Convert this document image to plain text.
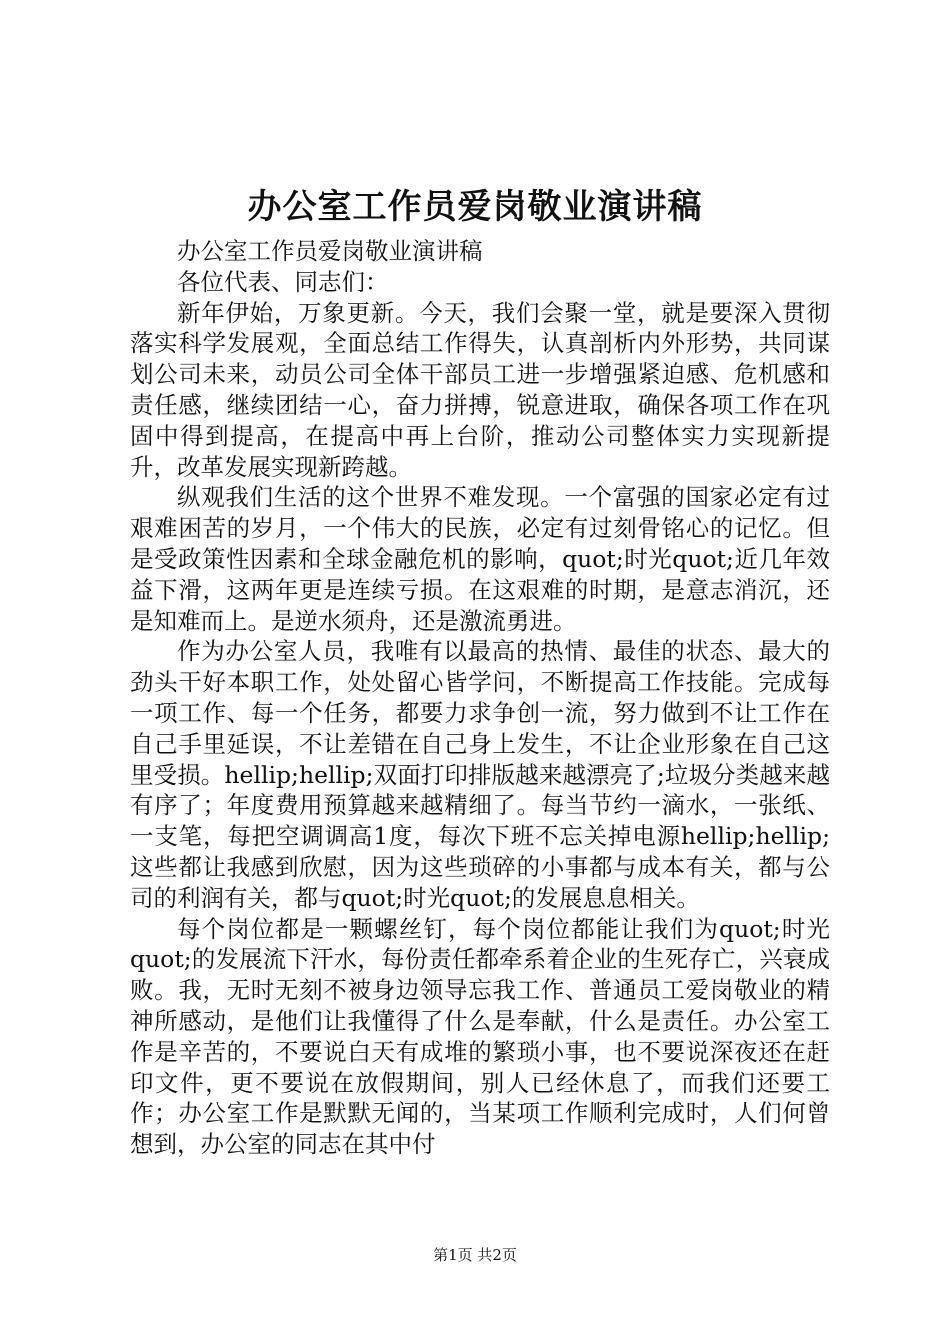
办公室工作员爱岗敬业演讲稿

办公室工作员爱岗敬业演讲稿

各位代表、同志们：

新年伊始，万象更新。今天，我们会聚一堂，就是要深入贯彻落实科学发展观，全面总结工作得失，认真剖析内外形势，共同谋划公司未来，动员公司全体干部员工进一步增强紧迫感、危机感和责任感，继续团结一心，奋力拼搏，锐意进取，确保各项工作在巩固中得到提高，在提高中再上台阶，推动公司整体实力实现新提升，改革发展实现新跨越。

纵观我们生活的这个世界不难发现。一个富强的国家必定有过艰难困苦的岁月，一个伟大的民族，必定有过刻骨铭心的记忆。但是受政策性因素和全球金融危机的影响，quot;时光quot;近几年效益下滑，这两年更是连续亏损。在这艰难的时期，是意志消沉，还是知难而上。是逆水须舟，还是激流勇进。

作为办公室人员，我唯有以最高的热情、最佳的状态、最大的劲头干好本职工作，处处留心皆学问，不断提高工作技能。完成每一项工作、每一个任务，都要力求争创一流，努力做到不让工作在自己手里延误，不让差错在自己身上发生，不让企业形象在自己这里受损。hellip;hellip;双面打印排版越来越漂亮了;垃圾分类越来越有序了；年度费用预算越来越精细了。每当节约一滴水，一张纸、一支笔，每把空调调高1度，每次下班不忘关掉电源hellip;hellip;这些都让我感到欣慰，因为这些琐碎的小事都与成本有关，都与公司的利润有关，都与quot;时光quot;的发展息息相关。

每个岗位都是一颗螺丝钉，每个岗位都能让我们为quot;时光quot;的发展流下汗水，每份责任都牵系着企业的生死存亡，兴衰成败。我，无时无刻不被身边领导忘我工作、普通员工爱岗敬业的精神所感动，是他们让我懂得了什么是奉献，什么是责任。办公室工作是辛苦的，不要说白天有成堆的繁琐小事，也不要说深夜还在赶印文件，更不要说在放假期间，别人已经休息了，而我们还要工作；办公室工作是默默无闻的，当某项工作顺利完成时，人们何曾想到，办公室的同志在其中付

第1页 共2页
